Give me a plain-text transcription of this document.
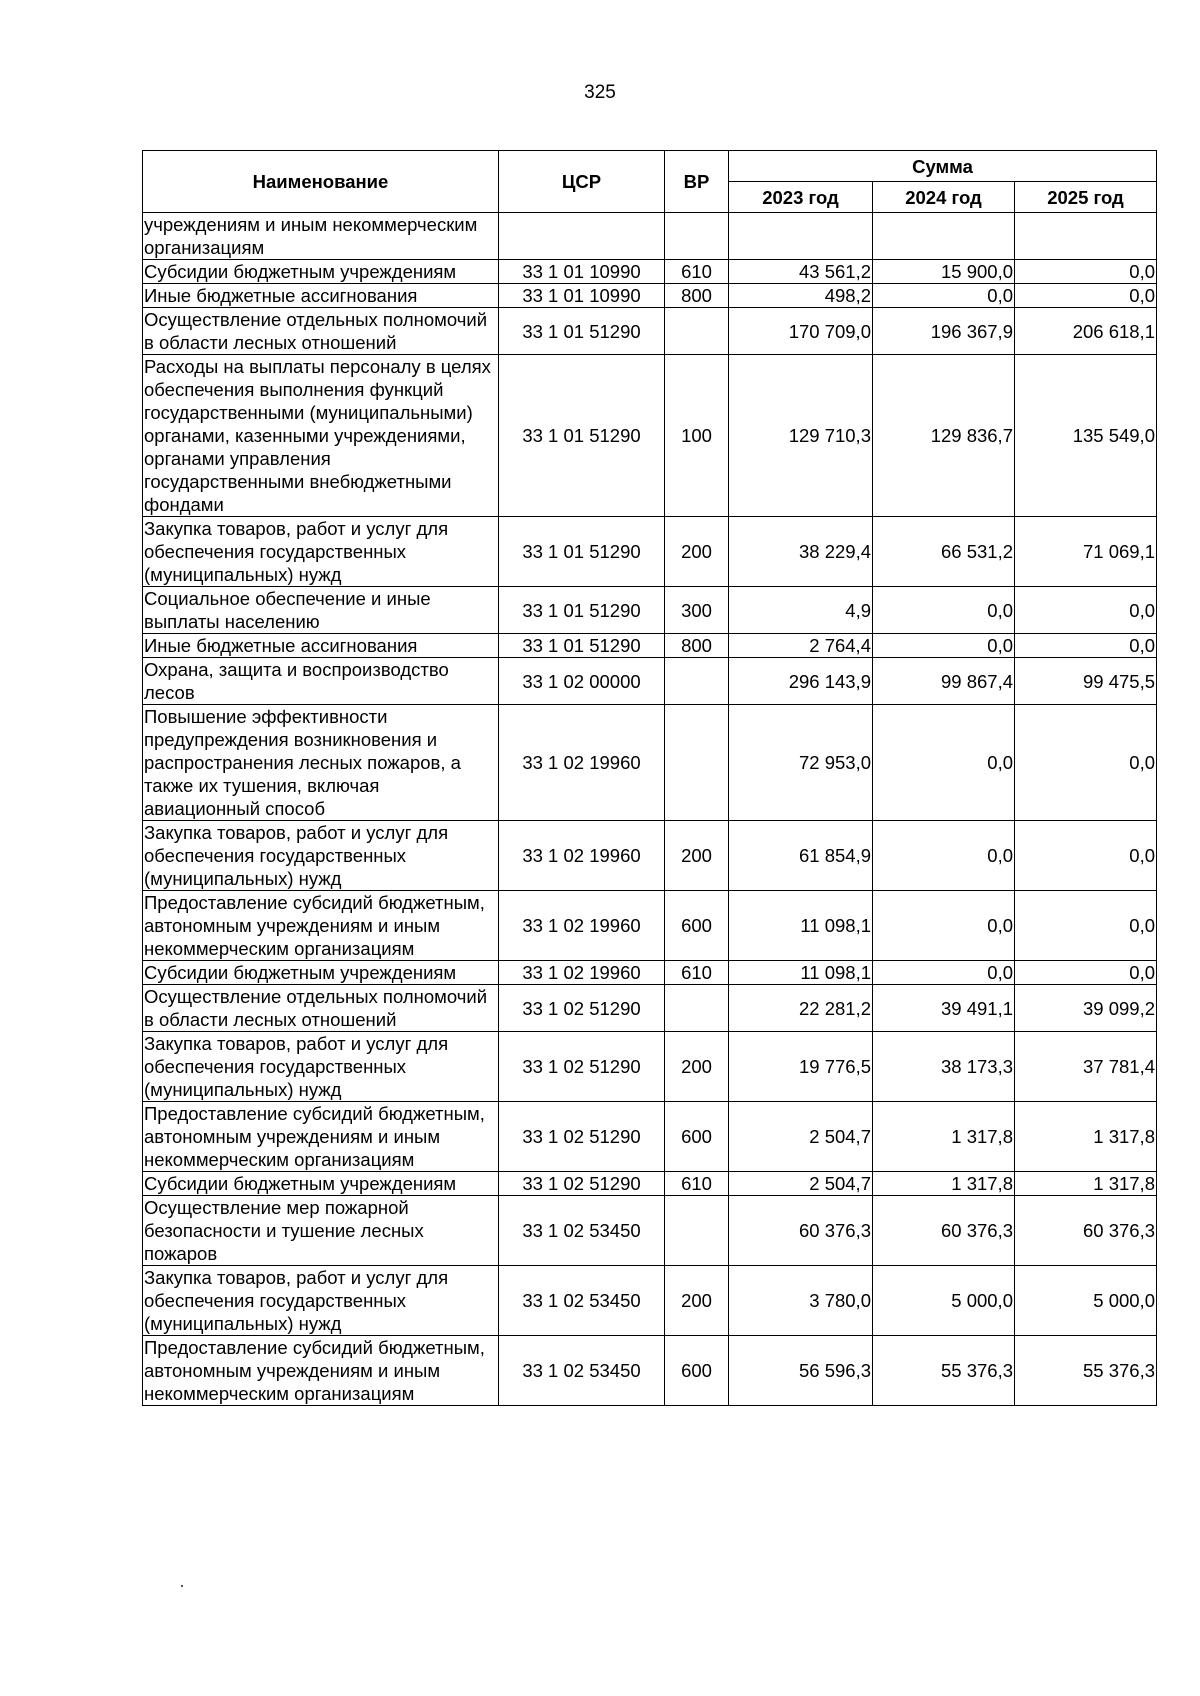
325
Наименование	ЦСР	ВР	Сумма		
			2023 год	2024 год	2025 год
учреждениям и иным некоммерческим организациям					
Субсидии бюджетным учреждениям	33 1 01 10990	610	43 561,2	15 900,0	0,0
Иные бюджетные ассигнования	33 1 01 10990	800	498,2	0,0	0,0
Осуществление отдельных полномочий в области лесных отношений	33 1 01 51290		170 709,0	196 367,9	206 618,1
Расходы на выплаты персоналу в целях обеспечения выполнения функций государственными (муниципальными) органами, казенными учреждениями, органами управления государственными внебюджетными фондами	33 1 01 51290	100	129 710,3	129 836,7	135 549,0
Закупка товаров, работ и услуг для обеспечения государственных (муниципальных) нужд	33 1 01 51290	200	38 229,4	66 531,2	71 069,1
Социальное обеспечение и иные выплаты населению	33 1 01 51290	300	4,9	0,0	0,0
Иные бюджетные ассигнования	33 1 01 51290	800	2 764,4	0,0	0,0
Охрана, защита и воспроизводство лесов	33 1 02 00000		296 143,9	99 867,4	99 475,5
Повышение эффективности предупреждения возникновения и распространения лесных пожаров, а также их тушения, включая авиационный способ	33 1 02 19960		72 953,0	0,0	0,0
Закупка товаров, работ и услуг для обеспечения государственных (муниципальных) нужд	33 1 02 19960	200	61 854,9	0,0	0,0
Предоставление субсидий бюджетным, автономным учреждениям и иным некоммерческим организациям	33 1 02 19960	600	11 098,1	0,0	0,0
Субсидии бюджетным учреждениям	33 1 02 19960	610	11 098,1	0,0	0,0
Осуществление отдельных полномочий в области лесных отношений	33 1 02 51290		22 281,2	39 491,1	39 099,2
Закупка товаров, работ и услуг для обеспечения государственных (муниципальных) нужд	33 1 02 51290	200	19 776,5	38 173,3	37 781,4
Предоставление субсидий бюджетным, автономным учреждениям и иным некоммерческим организациям	33 1 02 51290	600	2 504,7	1 317,8	1 317,8
Субсидии бюджетным учреждениям	33 1 02 51290	610	2 504,7	1 317,8	1 317,8
Осуществление мер пожарной безопасности и тушение лесных пожаров	33 1 02 53450		60 376,3	60 376,3	60 376,3
Закупка товаров, работ и услуг для обеспечения государственных (муниципальных) нужд	33 1 02 53450	200	3 780,0	5 000,0	5 000,0
Предоставление субсидий бюджетным, автономным учреждениям и иным некоммерческим организациям	33 1 02 53450	600	56 596,3	55 376,3	55 376,3
